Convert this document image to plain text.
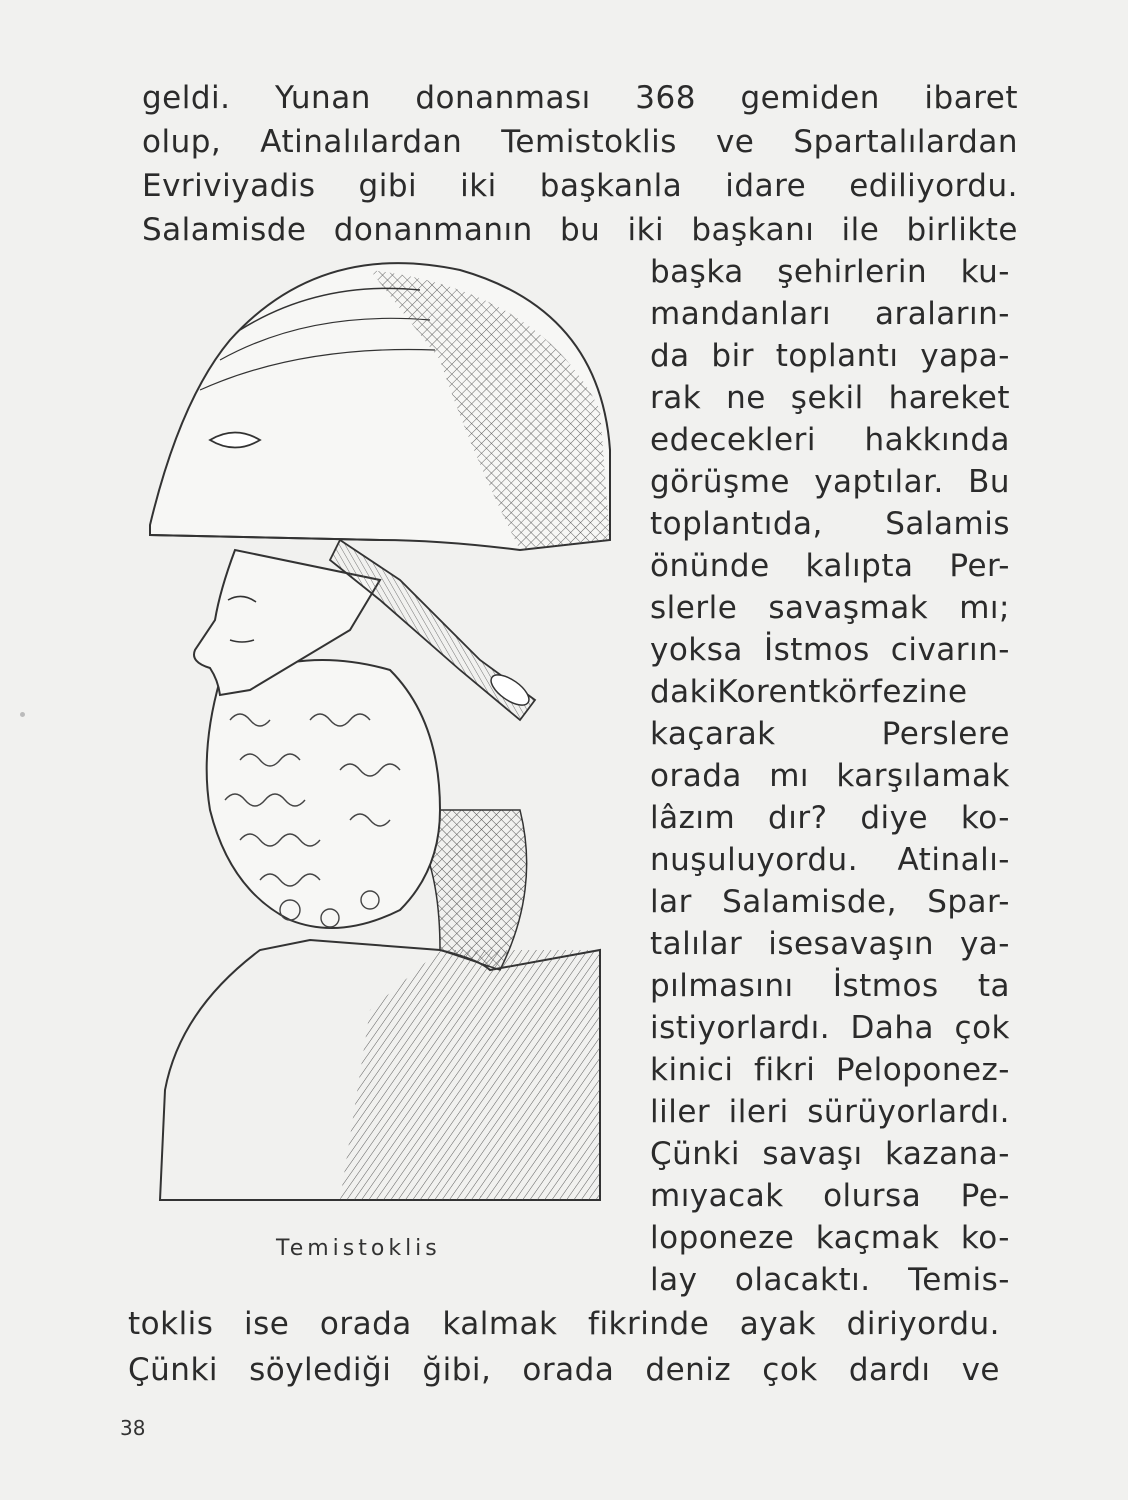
geldi. Yunan donanması 368 gemiden ibaret
olup, Atinalılardan Temistoklis ve Spartalılardan
Evriviyadis gibi iki başkanla idare ediliyordu.
Salamisde donanmanın bu iki başkanı ile birlikte
başka şehirlerin ku-
mandanları araların-
da bir toplantı yapa-
rak ne şekil hareket
edecekleri hakkında
görüşme yaptılar. Bu
toplantıda, Salamis
önünde kalıpta Per-
slerle savaşmak mı;
yoksa İstmos civarın-
dakiKorentkörfezine
kaçarak Perslere
orada mı karşılamak
lâzım dır? diye ko-
nuşuluyordu. Atinalı-
lar Salamisde, Spar-
talılar isesavaşın ya-
pılmasını İstmos ta
istiyorlardı. Daha çok
kinici fikri Peloponez-
liler ileri sürüyorlardı.
Çünki savaşı kazana-
mıyacak olursa Pe-
loponeze kaçmak ko-
lay olacaktı. Temis-
toklis ise orada kalmak fikrinde ayak diriyordu.
Çünki söylediği ğibi, orada deniz çok dardı ve
Temistoklis
38
